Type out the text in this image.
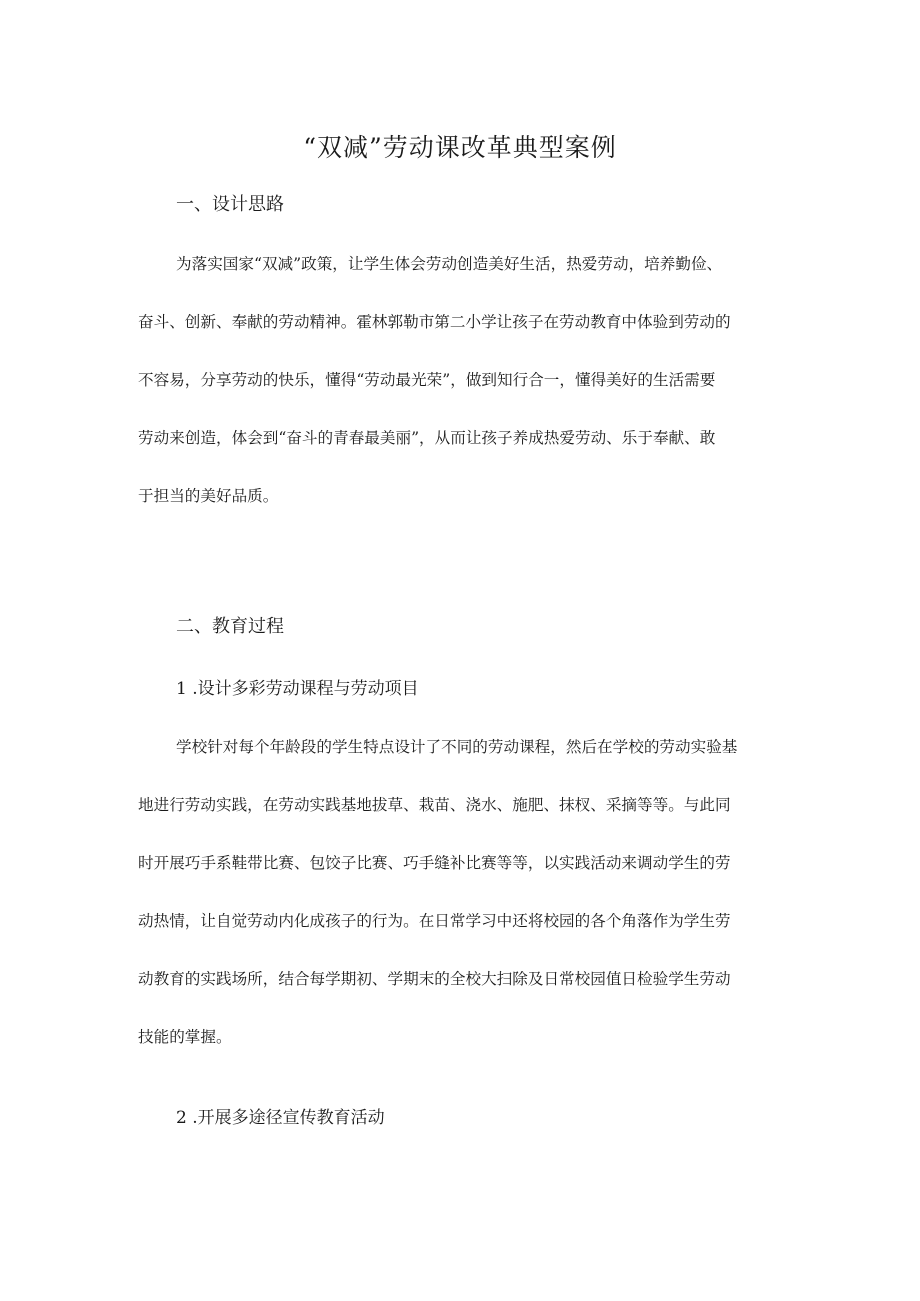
“双减”劳动课改革典型案例
一、设计思路
为落实国家“双减”政策，让学生体会劳动创造美好生活，热爱劳动，培养勤俭、
奋斗、创新、奉献的劳动精神。霍林郭勒市第二小学让孩子在劳动教育中体验到劳动的
不容易，分享劳动的快乐，懂得“劳动最光荣”，做到知行合一，懂得美好的生活需要
劳动来创造，体会到“奋斗的青春最美丽”，从而让孩子养成热爱劳动、乐于奉献、敢
于担当的美好品质。
二、教育过程
1 .设计多彩劳动课程与劳动项目
学校针对每个年龄段的学生特点设计了不同的劳动课程，然后在学校的劳动实验基
地进行劳动实践，在劳动实践基地拔草、栽苗、浇水、施肥、抹杈、采摘等等。与此同
时开展巧手系鞋带比赛、包饺子比赛、巧手缝补比赛等等，以实践活动来调动学生的劳
动热情，让自觉劳动内化成孩子的行为。在日常学习中还将校园的各个角落作为学生劳
动教育的实践场所，结合每学期初、学期末的全校大扫除及日常校园值日检验学生劳动
技能的掌握。
2 .开展多途径宣传教育活动
